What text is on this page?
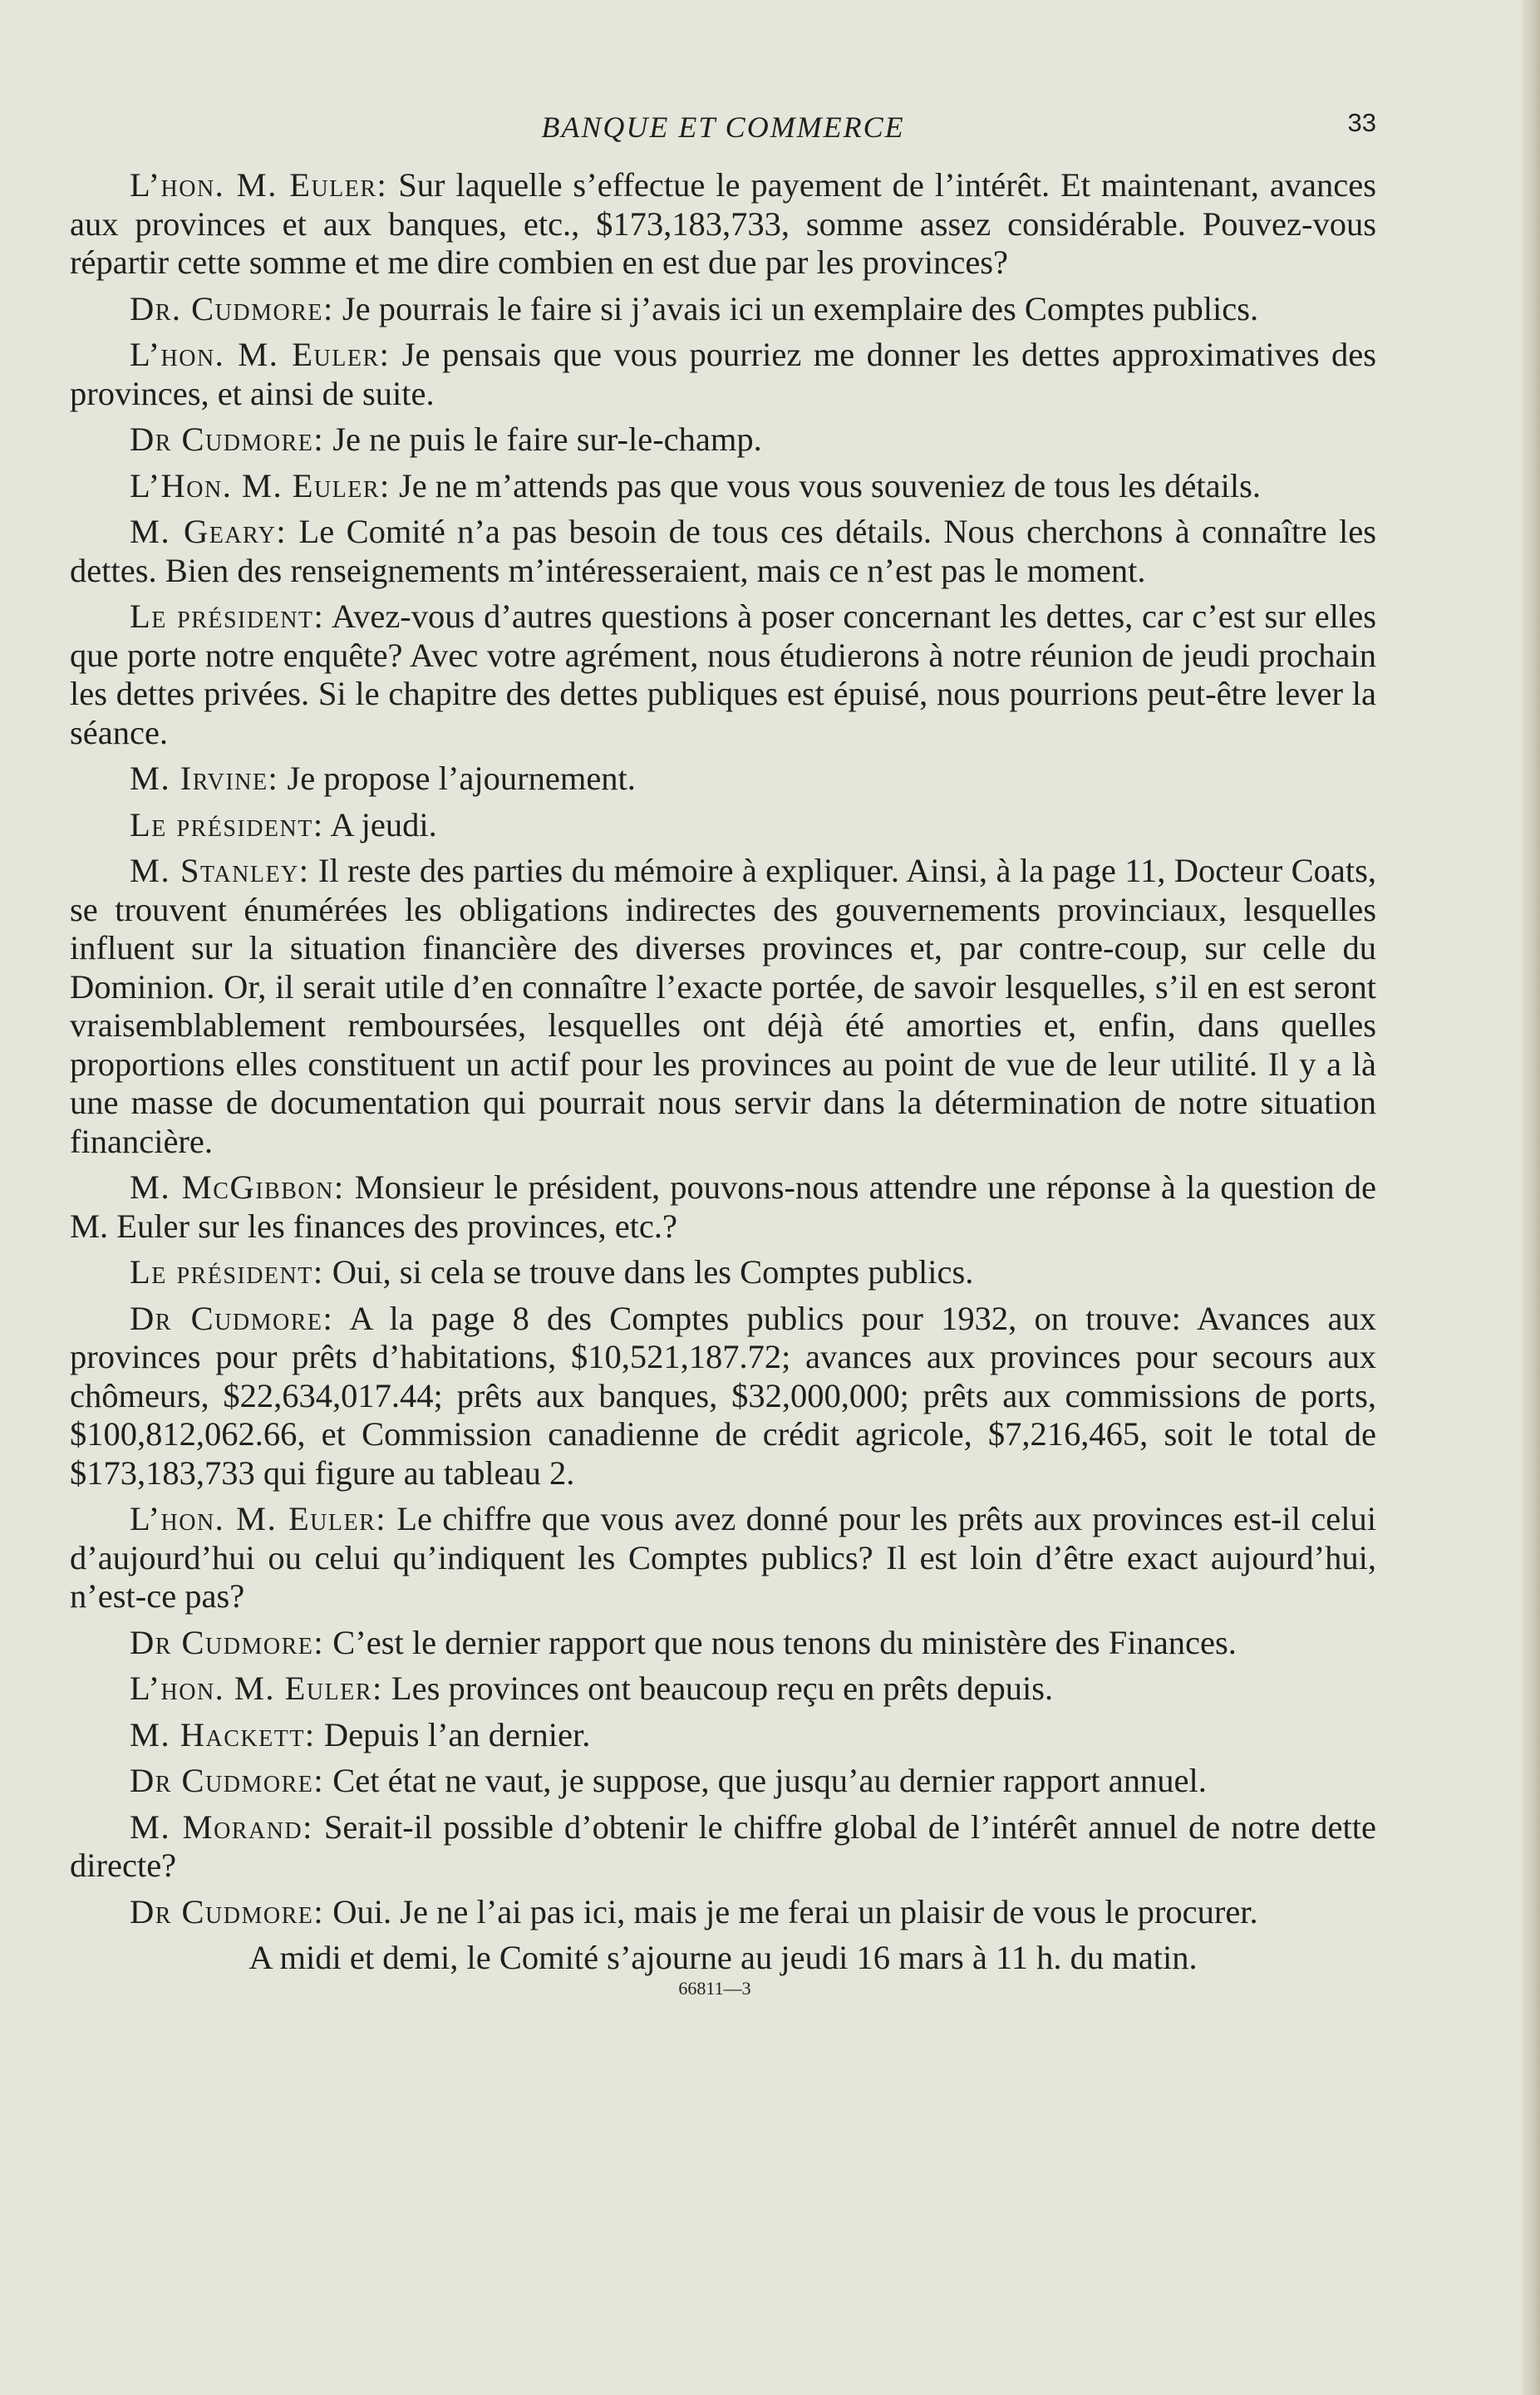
BANQUE ET COMMERCE	33

L’hon. M. Euler: Sur laquelle s’effectue le payement de l’intérêt. Et maintenant, avances aux provinces et aux banques, etc., $173,183,733, somme assez considérable. Pouvez-vous répartir cette somme et me dire combien en est due par les provinces?

Dr. Cudmore: Je pourrais le faire si j’avais ici un exemplaire des Comptes publics.

L’hon. M. Euler: Je pensais que vous pourriez me donner les dettes approximatives des provinces, et ainsi de suite.

Dr Cudmore: Je ne puis le faire sur-le-champ.

L’Hon. M. Euler: Je ne m’attends pas que vous vous souveniez de tous les détails.

M. Geary: Le Comité n’a pas besoin de tous ces détails. Nous cherchons à connaître les dettes. Bien des renseignements m’intéresseraient, mais ce n’est pas le moment.

Le président: Avez-vous d’autres questions à poser concernant les dettes, car c’est sur elles que porte notre enquête? Avec votre agrément, nous étudierons à notre réunion de jeudi prochain les dettes privées. Si le chapitre des dettes publiques est épuisé, nous pourrions peut-être lever la séance.

M. Irvine: Je propose l’ajournement.

Le président: A jeudi.

M. Stanley: Il reste des parties du mémoire à expliquer. Ainsi, à la page 11, Docteur Coats, se trouvent énumérées les obligations indirectes des gouvernements provinciaux, lesquelles influent sur la situation financière des diverses provinces et, par contre-coup, sur celle du Dominion. Or, il serait utile d’en connaître l’exacte portée, de savoir lesquelles, s’il en est seront vraisemblablement remboursées, lesquelles ont déjà été amorties et, enfin, dans quelles proportions elles constituent un actif pour les provinces au point de vue de leur utilité. Il y a là une masse de documentation qui pourrait nous servir dans la détermination de notre situation financière.

M. McGibbon: Monsieur le président, pouvons-nous attendre une réponse à la question de M. Euler sur les finances des provinces, etc.?

Le président: Oui, si cela se trouve dans les Comptes publics.

Dr Cudmore: A la page 8 des Comptes publics pour 1932, on trouve: Avances aux provinces pour prêts d’habitations, $10,521,187.72; avances aux provinces pour secours aux chômeurs, $22,634,017.44; prêts aux banques, $32,000,000; prêts aux commissions de ports, $100,812,062.66, et Commission canadienne de crédit agricole, $7,216,465, soit le total de $173,183,733 qui figure au tableau 2.

L’hon. M. Euler: Le chiffre que vous avez donné pour les prêts aux provinces est-il celui d’aujourd’hui ou celui qu’indiquent les Comptes publics? Il est loin d’être exact aujourd’hui, n’est-ce pas?

Dr Cudmore: C’est le dernier rapport que nous tenons du ministère des Finances.

L’hon. M. Euler: Les provinces ont beaucoup reçu en prêts depuis.

M. Hackett: Depuis l’an dernier.

Dr Cudmore: Cet état ne vaut, je suppose, que jusqu’au dernier rapport annuel.

M. Morand: Serait-il possible d’obtenir le chiffre global de l’intérêt annuel de notre dette directe?

Dr Cudmore: Oui. Je ne l’ai pas ici, mais je me ferai un plaisir de vous le procurer.

A midi et demi, le Comité s’ajourne au jeudi 16 mars à 11 h. du matin.
66811—3
